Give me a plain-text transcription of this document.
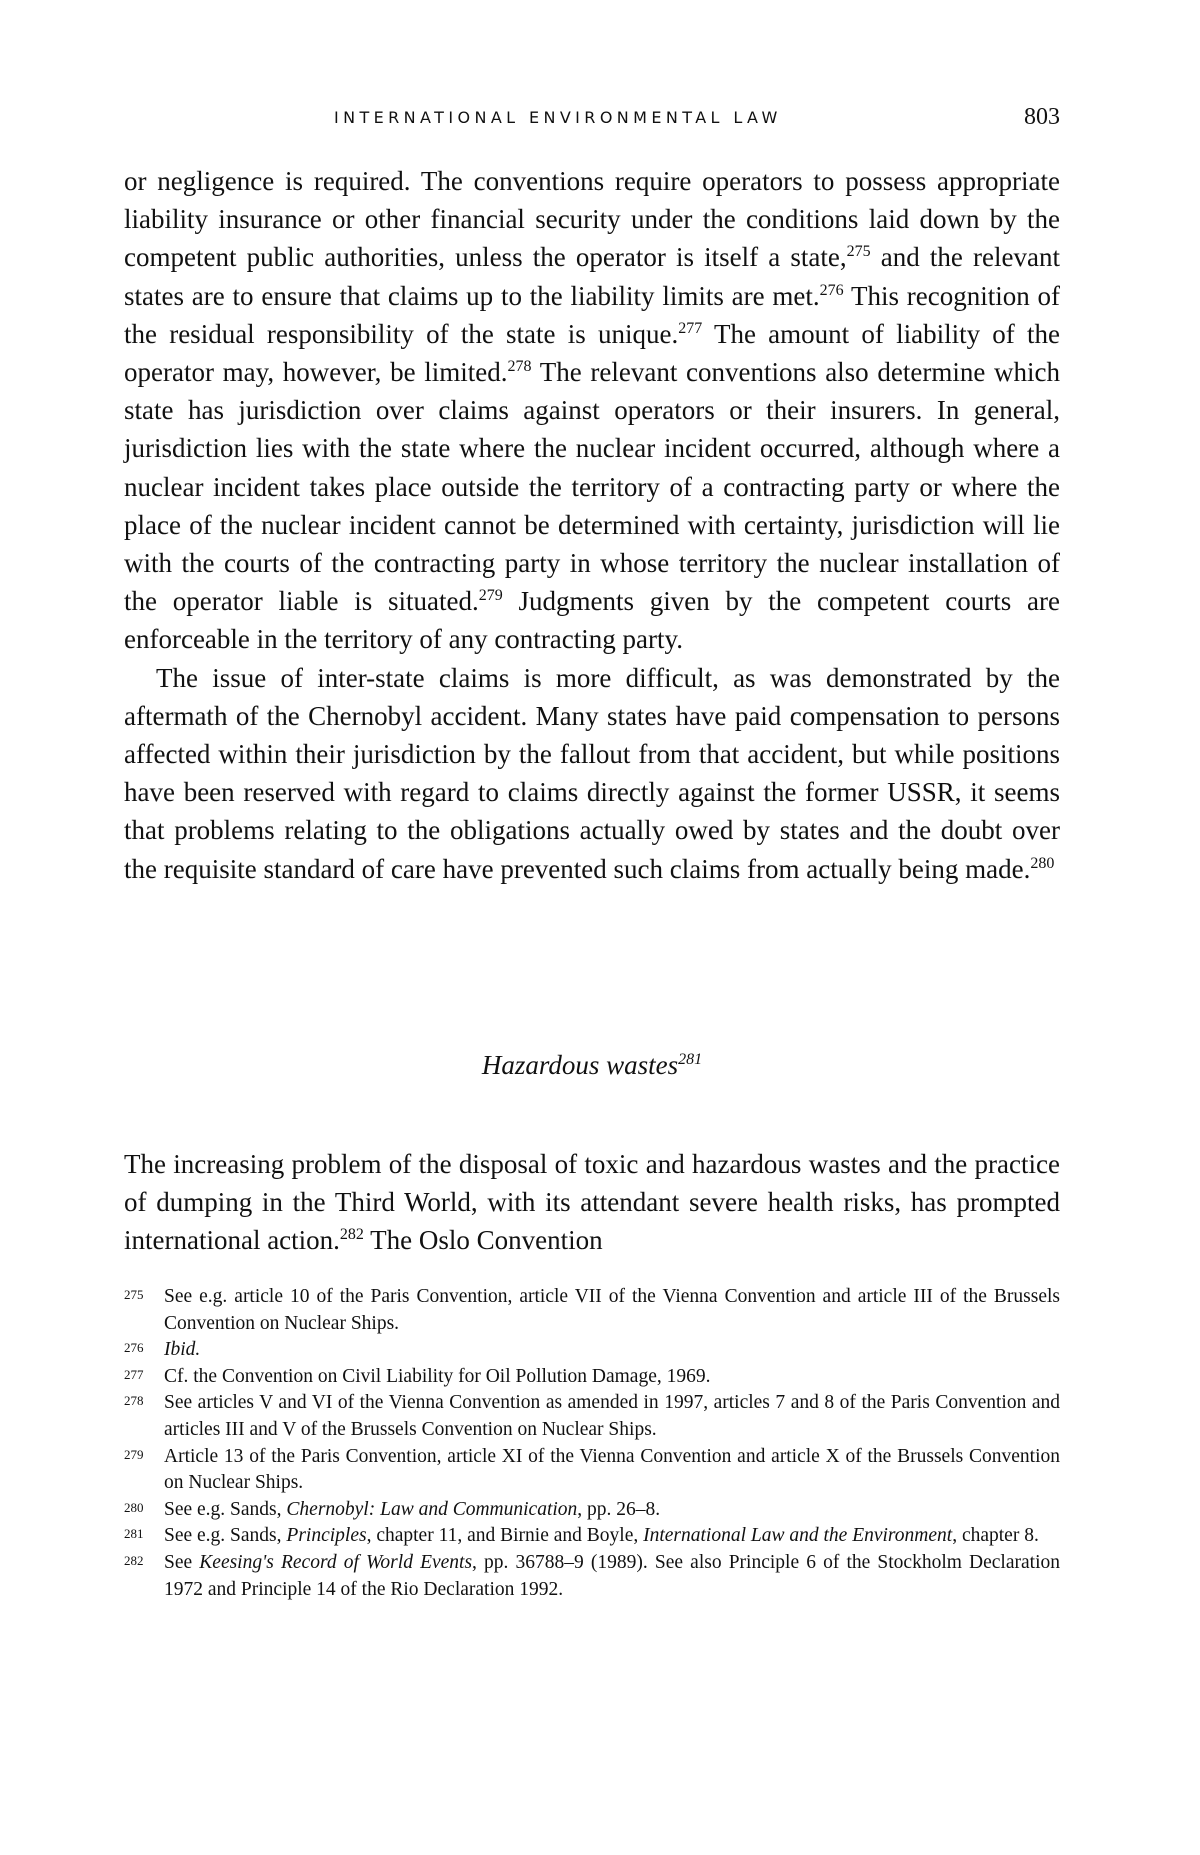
INTERNATIONAL ENVIRONMENTAL LAW	803

or negligence is required. The conventions require operators to possess appropriate liability insurance or other financial security under the conditions laid down by the competent public authorities, unless the operator is itself a state,$^{275}$ and the relevant states are to ensure that claims up to the liability limits are met.$^{276}$ This recognition of the residual responsibility of the state is unique.$^{277}$ The amount of liability of the operator may, however, be limited.$^{278}$ The relevant conventions also determine which state has jurisdiction over claims against operators or their insurers. In general, jurisdiction lies with the state where the nuclear incident occurred, although where a nuclear incident takes place outside the territory of a contracting party or where the place of the nuclear incident cannot be determined with certainty, jurisdiction will lie with the courts of the contracting party in whose territory the nuclear installation of the operator liable is situated.$^{279}$ Judgments given by the competent courts are enforceable in the territory of any contracting party.

The issue of inter-state claims is more difficult, as was demonstrated by the aftermath of the Chernobyl accident. Many states have paid compensation to persons affected within their jurisdiction by the fallout from that accident, but while positions have been reserved with regard to claims directly against the former USSR, it seems that problems relating to the obligations actually owed by states and the doubt over the requisite standard of care have prevented such claims from actually being made.$^{280}$

Hazardous wastes$^{281}$

The increasing problem of the disposal of toxic and hazardous wastes and the practice of dumping in the Third World, with its attendant severe health risks, has prompted international action.$^{282}$ The Oslo Convention

275 See e.g. article 10 of the Paris Convention, article VII of the Vienna Convention and article III of the Brussels Convention on Nuclear Ships.

276 Ibid.

277 Cf. the Convention on Civil Liability for Oil Pollution Damage, 1969.

278 See articles V and VI of the Vienna Convention as amended in 1997, articles 7 and 8 of the Paris Convention and articles III and V of the Brussels Convention on Nuclear Ships.

279 Article 13 of the Paris Convention, article XI of the Vienna Convention and article X of the Brussels Convention on Nuclear Ships.

280 See e.g. Sands, Chernobyl: Law and Communication, pp. 26–8.

281 See e.g. Sands, Principles, chapter 11, and Birnie and Boyle, International Law and the Environment, chapter 8.

282 See Keesing's Record of World Events, pp. 36788–9 (1989). See also Principle 6 of the Stockholm Declaration 1972 and Principle 14 of the Rio Declaration 1992.
